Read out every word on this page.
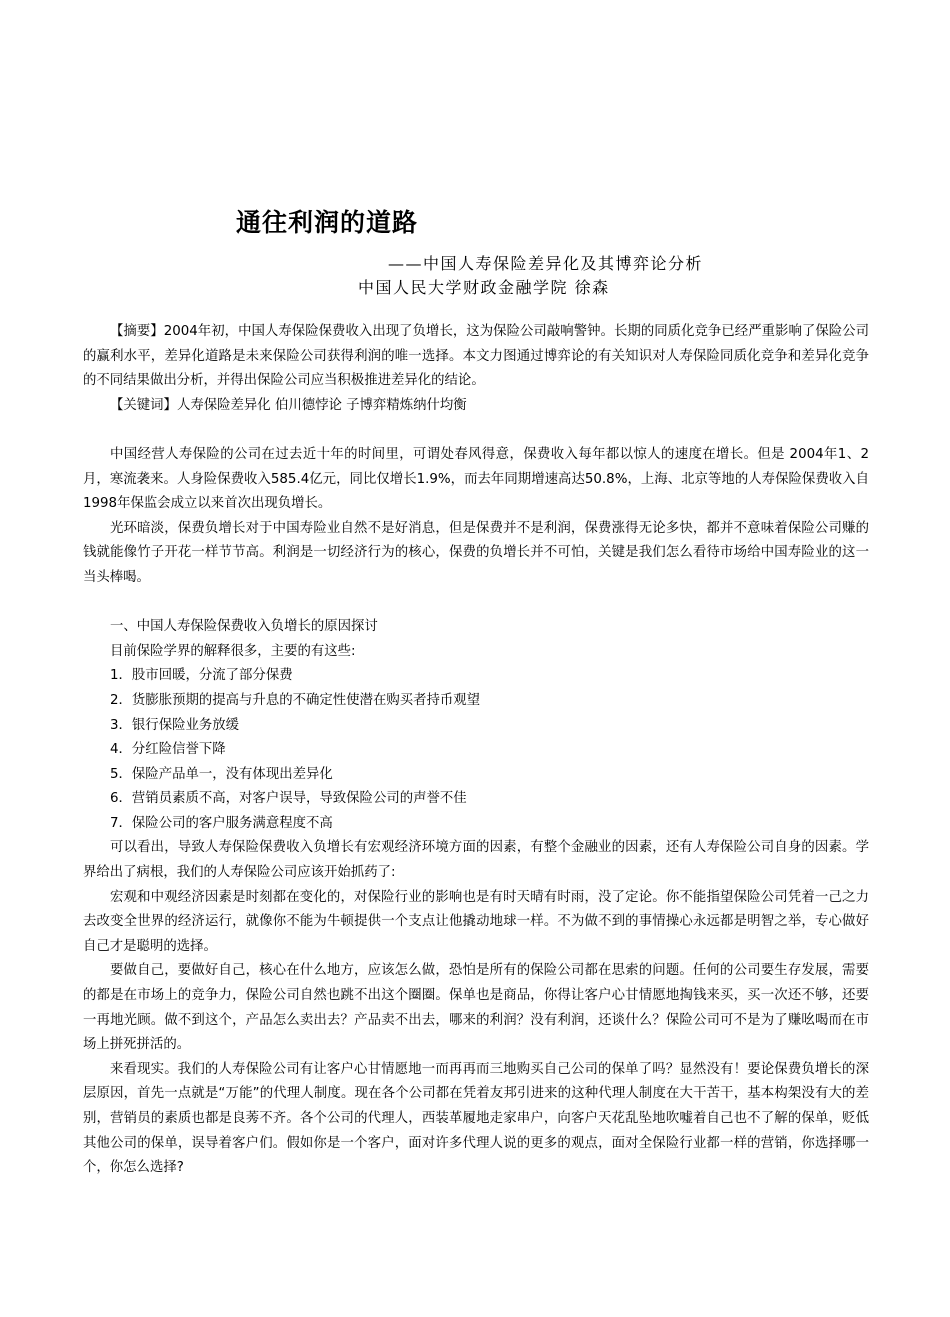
通往利润的道路
——中国人寿保险差异化及其博弈论分析
中国人民大学财政金融学院 徐森

【摘要】2004年初，中国人寿保险保费收入出现了负增长，这为保险公司敲响警钟。长期的同质化竞争已经严重影响了保险公司的赢利水平，差异化道路是未来保险公司获得利润的唯一选择。本文力图通过博弈论的有关知识对人寿保险同质化竞争和差异化竞争的不同结果做出分析，并得出保险公司应当积极推进差异化的结论。

【关键词】人寿保险差异化 伯川德悖论 子博弈精炼纳什均衡

中国经营人寿保险的公司在过去近十年的时间里，可谓处春风得意，保费收入每年都以惊人的速度在增长。但是 2004年1、2月，寒流袭来。人身险保费收入585.4亿元，同比仅增长1.9%，而去年同期增速高达50.8%，上海、北京等地的人寿保险保费收入自1998年保监会成立以来首次出现负增长。

光环暗淡，保费负增长对于中国寿险业自然不是好消息，但是保费并不是利润，保费涨得无论多快，都并不意味着保险公司赚的钱就能像竹子开花一样节节高。利润是一切经济行为的核心，保费的负增长并不可怕，关键是我们怎么看待市场给中国寿险业的这一当头棒喝。

一、中国人寿保险保费收入负增长的原因探讨

目前保险学界的解释很多，主要的有这些:

1．股市回暖，分流了部分保费

2．货膨胀预期的提高与升息的不确定性使潜在购买者持币观望

3．银行保险业务放缓

4．分红险信誉下降

5．保险产品单一，没有体现出差异化

6．营销员素质不高，对客户误导，导致保险公司的声誉不佳

7．保险公司的客户服务满意程度不高

可以看出，导致人寿保险保费收入负增长有宏观经济环境方面的因素，有整个金融业的因素，还有人寿保险公司自身的因素。学界给出了病根，我们的人寿保险公司应该开始抓药了:

宏观和中观经济因素是时刻都在变化的，对保险行业的影响也是有时天晴有时雨，没了定论。你不能指望保险公司凭着一己之力去改变全世界的经济运行，就像你不能为牛顿提供一个支点让他撬动地球一样。不为做不到的事情操心永远都是明智之举，专心做好自己才是聪明的选择。

要做自己，要做好自己，核心在什么地方，应该怎么做，恐怕是所有的保险公司都在思索的问题。任何的公司要生存发展，需要的都是在市场上的竞争力，保险公司自然也跳不出这个圈圈。保单也是商品，你得让客户心甘情愿地掏钱来买，买一次还不够，还要一再地光顾。做不到这个，产品怎么卖出去？产品卖不出去，哪来的利润？没有利润，还谈什么？保险公司可不是为了赚吆喝而在市场上拼死拼活的。

来看现实。我们的人寿保险公司有让客户心甘情愿地一而再再而三地购买自己公司的保单了吗？显然没有！要论保费负增长的深层原因，首先一点就是“万能”的代理人制度。现在各个公司都在凭着友邦引进来的这种代理人制度在大干苦干，基本构架没有大的差别，营销员的素质也都是良莠不齐。各个公司的代理人，西装革履地走家串户，向客户天花乱坠地吹嘘着自己也不了解的保单，贬低其他公司的保单，误导着客户们。假如你是一个客户，面对许多代理人说的更多的观点，面对全保险行业都一样的营销，你选择哪一个，你怎么选择?
